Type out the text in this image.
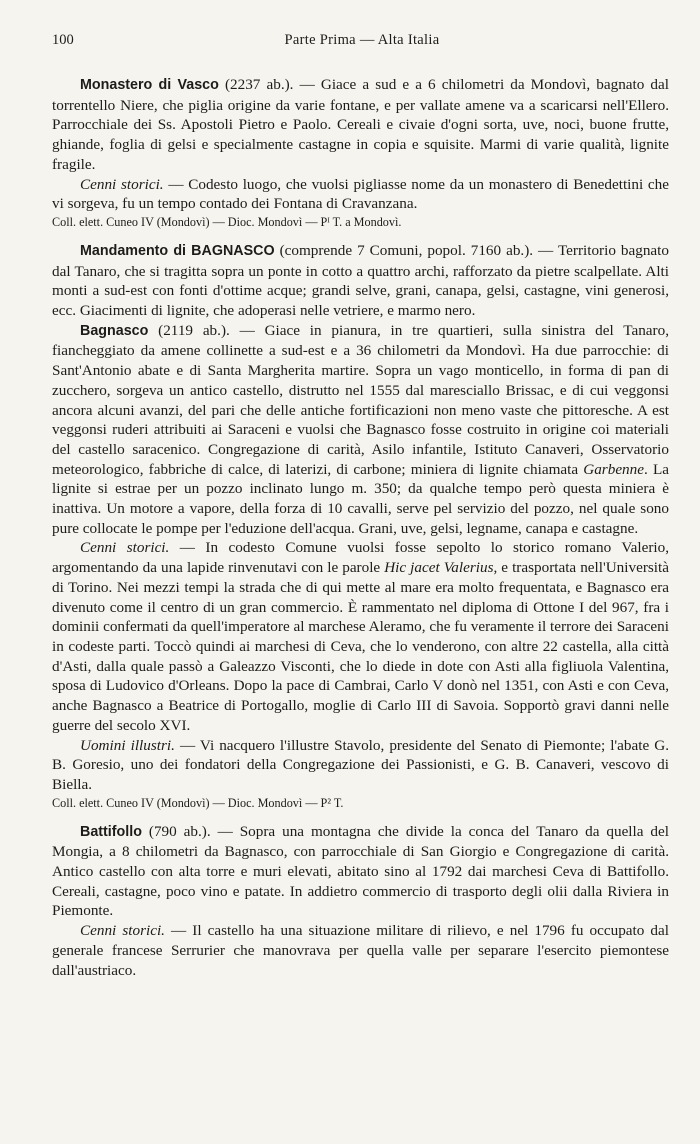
100	Parte Prima — Alta Italia

Monastero di Vasco (2237 ab.). — Giace a sud e a 6 chilometri da Mondovì, bagnato dal torrentello Niere, che piglia origine da varie fontane, e per vallate amene va a scaricarsi nell'Ellero. Parrocchiale dei Ss. Apostoli Pietro e Paolo. Cereali e civaie d'ogni sorta, uve, noci, buone frutte, ghiande, foglia di gelsi e specialmente castagne in copia e squisite. Marmi di varie qualità, lignite fragile.

Cenni storici. — Codesto luogo, che vuolsi pigliasse nome da un monastero di Benedettini che vi sorgeva, fu un tempo contado dei Fontana di Cravanzana.

Coll. elett. Cuneo IV (Mondovì) — Dioc. Mondovì — Pᴵ T. a Mondovì.

Mandamento di BAGNASCO (comprende 7 Comuni, popol. 7160 ab.). — Territorio bagnato dal Tanaro, che si tragitta sopra un ponte in cotto a quattro archi, rafforzato da pietre scalpellate. Alti monti a sud-est con fonti d'ottime acque; grandi selve, grani, canapa, gelsi, castagne, vini generosi, ecc. Giacimenti di lignite, che adoperasi nelle vetriere, e marmo nero.

Bagnasco (2119 ab.). — Giace in pianura, in tre quartieri, sulla sinistra del Tanaro, fiancheggiato da amene collinette a sud-est e a 36 chilometri da Mondovì. Ha due parrocchie: di Sant'Antonio abate e di Santa Margherita martire. Sopra un vago monticello, in forma di pan di zucchero, sorgeva un antico castello, distrutto nel 1555 dal maresciallo Brissac, e di cui veggonsi ancora alcuni avanzi, del pari che delle antiche fortificazioni non meno vaste che pittoresche. A est veggonsi ruderi attribuiti ai Saraceni e vuolsi che Bagnasco fosse costruito in origine coi materiali del castello saracenico. Congregazione di carità, Asilo infantile, Istituto Canaveri, Osservatorio meteorologico, fabbriche di calce, di laterizi, di carbone; miniera di lignite chiamata Garbenne. La lignite si estrae per un pozzo inclinato lungo m. 350; da qualche tempo però questa miniera è inattiva. Un motore a vapore, della forza di 10 cavalli, serve pel servizio del pozzo, nel quale sono pure collocate le pompe per l'eduzione dell'acqua. Grani, uve, gelsi, legname, canapa e castagne.

Cenni storici. — In codesto Comune vuolsi fosse sepolto lo storico romano Valerio, argomentando da una lapide rinvenutavi con le parole Hic jacet Valerius, e trasportata nell'Università di Torino. Nei mezzi tempi la strada che di qui mette al mare era molto frequentata, e Bagnasco era divenuto come il centro di un gran commercio. È rammentato nel diploma di Ottone I del 967, fra i dominii confermati da quell'imperatore al marchese Aleramo, che fu veramente il terrore dei Saraceni in codeste parti. Toccò quindi ai marchesi di Ceva, che lo venderono, con altre 22 castella, alla città d'Asti, dalla quale passò a Galeazzo Visconti, che lo diede in dote con Asti alla figliuola Valentina, sposa di Ludovico d'Orleans. Dopo la pace di Cambrai, Carlo V donò nel 1351, con Asti e con Ceva, anche Bagnasco a Beatrice di Portogallo, moglie di Carlo III di Savoia. Sopportò gravi danni nelle guerre del secolo XVI.

Uomini illustri. — Vi nacquero l'illustre Stavolo, presidente del Senato di Piemonte; l'abate G. B. Goresio, uno dei fondatori della Congregazione dei Passionisti, e G. B. Canaveri, vescovo di Biella.

Coll. elett. Cuneo IV (Mondovì) — Dioc. Mondovì — P² T.

Battifollo (790 ab.). — Sopra una montagna che divide la conca del Tanaro da quella del Mongia, a 8 chilometri da Bagnasco, con parrocchiale di San Giorgio e Congregazione di carità. Antico castello con alta torre e muri elevati, abitato sino al 1792 dai marchesi Ceva di Battifollo. Cereali, castagne, poco vino e patate. In addietro commercio di trasporto degli olii dalla Riviera in Piemonte.

Cenni storici. — Il castello ha una situazione militare di rilievo, e nel 1796 fu occupato dal generale francese Serrurier che manovrava per quella valle per separare l'esercito piemontese dall'austriaco.
